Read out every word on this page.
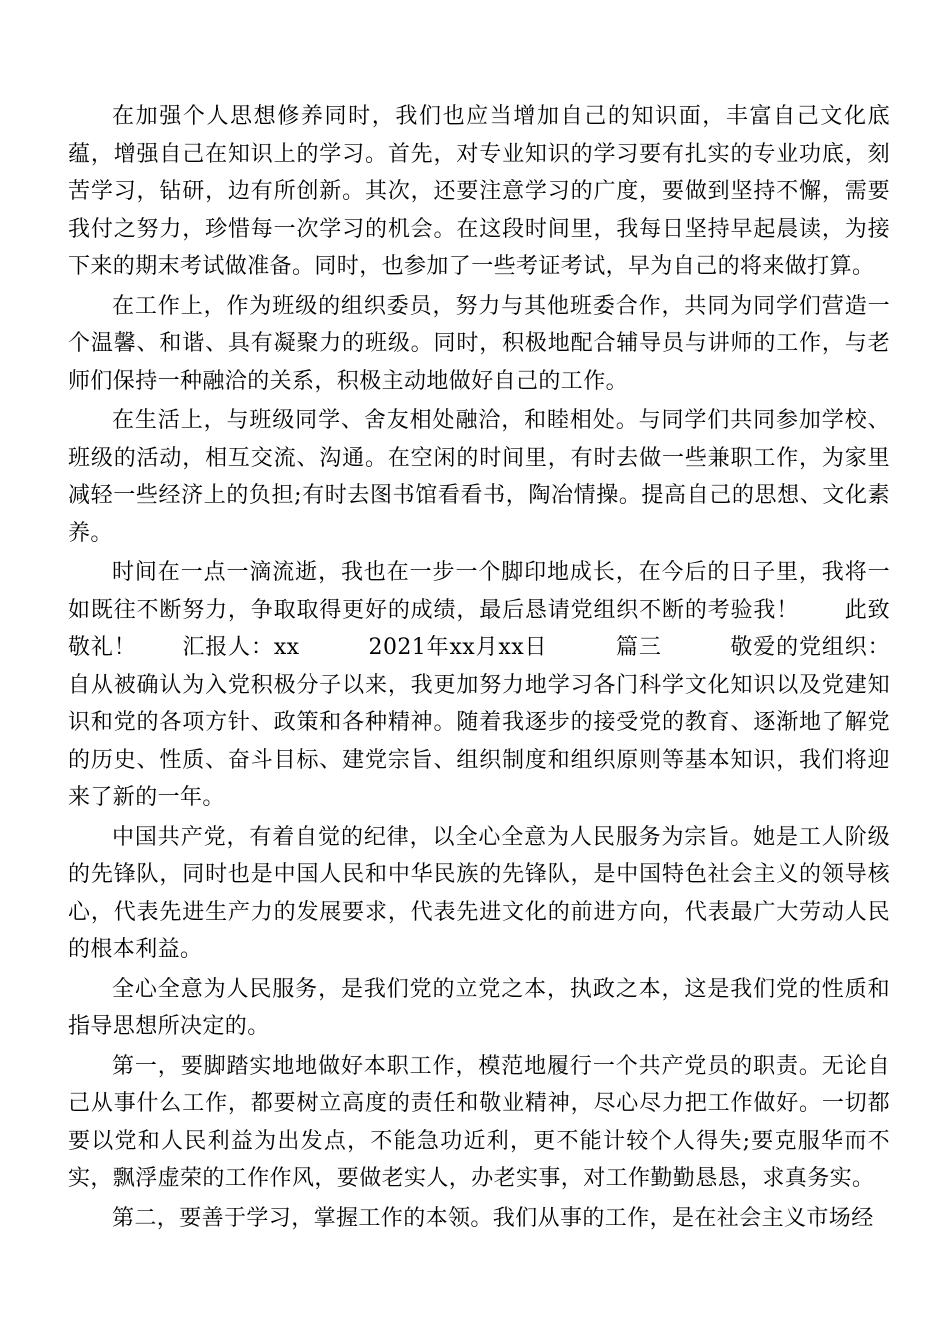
在加强个人思想修养同时，我们也应当增加自己的知识面，丰富自己文化底蕴，增强自己在知识上的学习。首先，对专业知识的学习要有扎实的专业功底，刻苦学习，钻研，边有所创新。其次，还要注意学习的广度，要做到坚持不懈，需要我付之努力，珍惜每一次学习的机会。在这段时间里，我每日坚持早起晨读，为接下来的期末考试做准备。同时，也参加了一些考证考试，早为自己的将来做打算。

在工作上，作为班级的组织委员，努力与其他班委合作，共同为同学们营造一个温馨、和谐、具有凝聚力的班级。同时，积极地配合辅导员与讲师的工作，与老师们保持一种融洽的关系，积极主动地做好自己的工作。

在生活上，与班级同学、舍友相处融洽，和睦相处。与同学们共同参加学校、班级的活动，相互交流、沟通。在空闲的时间里，有时去做一些兼职工作，为家里减轻一些经济上的负担;有时去图书馆看看书，陶冶情操。提高自己的思想、文化素养。

时间在一点一滴流逝，我也在一步一个脚印地成长，在今后的日子里，我将一如既往不断努力，争取取得更好的成绩，最后恳请党组织不断的考验我！　　此致敬礼！　　汇报人：xx　　　2021年xx月xx日　　　篇三　　　敬爱的党组织：自从被确认为入党积极分子以来，我更加努力地学习各门科学文化知识以及党建知识和党的各项方针、政策和各种精神。随着我逐步的接受党的教育、逐渐地了解党的历史、性质、奋斗目标、建党宗旨、组织制度和组织原则等基本知识，我们将迎来了新的一年。

中国共产党，有着自觉的纪律，以全心全意为人民服务为宗旨。她是工人阶级的先锋队，同时也是中国人民和中华民族的先锋队，是中国特色社会主义的领导核心，代表先进生产力的发展要求，代表先进文化的前进方向，代表最广大劳动人民的根本利益。

全心全意为人民服务，是我们党的立党之本，执政之本，这是我们党的性质和指导思想所决定的。

第一，要脚踏实地地做好本职工作，模范地履行一个共产党员的职责。无论自己从事什么工作，都要树立高度的责任和敬业精神，尽心尽力把工作做好。一切都要以党和人民利益为出发点，不能急功近利，更不能计较个人得失;要克服华而不实，飘浮虚荣的工作作风，要做老实人，办老实事，对工作勤勤恳恳，求真务实。

第二，要善于学习，掌握工作的本领。我们从事的工作，是在社会主义市场经
